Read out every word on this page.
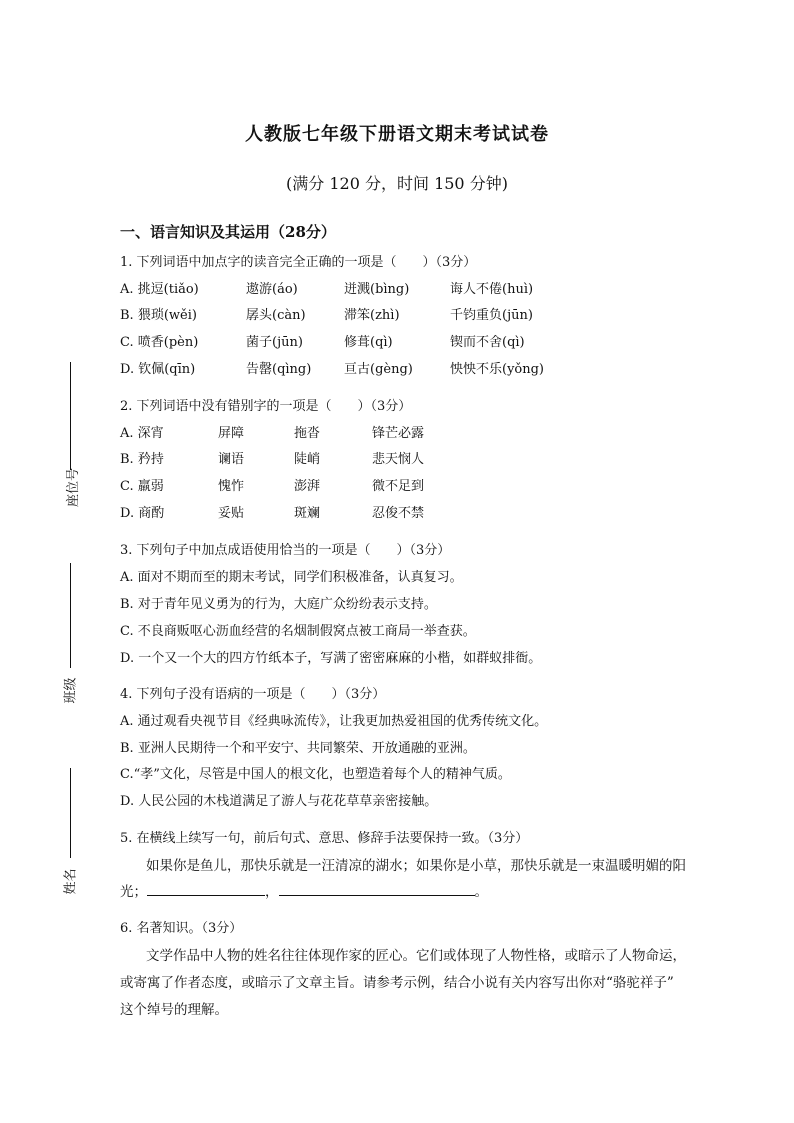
座位号
班级
姓名
人教版七年级下册语文期末考试试卷
(满分 120 分，时间 150 分钟)
一、语言知识及其运用（28分）
1. 下列词语中加点字的读音完全正确的一项是（　　）（3分）
A. 挑逗(tiǎo)	遨游(áo)	迸溅(bìng)	诲人不倦(huì)
B. 猥琐(wěi)	孱头(càn)	滞笨(zhì)	千钧重负(jūn)
C. 喷香(pèn)	菌子(jūn)	修葺(qì)	锲而不舍(qì)
D. 钦佩(qīn)	告罄(qìng)	亘古(gèng)	怏怏不乐(yǒng)
2. 下列词语中没有错别字的一项是（　　）（3分）
A. 深宵	屏障	拖沓	锋芒必露
B. 矜持	谰语	陡峭	悲天悯人
C. 羸弱	愧怍	澎湃	微不足到
D. 商酌	妥贴	斑斓	忍俊不禁
3. 下列句子中加点成语使用恰当的一项是（　　）（3分）
A. 面对不期而至的期末考试，同学们积极准备，认真复习。
B. 对于青年见义勇为的行为，大庭广众纷纷表示支持。
C. 不良商贩呕心沥血经营的名烟制假窝点被工商局一举查获。
D. 一个又一个大的四方竹纸本子，写满了密密麻麻的小楷，如群蚁排衙。
4. 下列句子没有语病的一项是（　　）（3分）
A. 通过观看央视节目《经典咏流传》，让我更加热爱祖国的优秀传统文化。
B. 亚洲人民期待一个和平安宁、共同繁荣、开放通融的亚洲。
C.“孝”文化，尽管是中国人的根文化，也塑造着每个人的精神气质。
D. 人民公园的木栈道满足了游人与花花草草亲密接触。
5. 在横线上续写一句，前后句式、意思、修辞手法要保持一致。（3分）
如果你是鱼儿，那快乐就是一汪清凉的湖水；如果你是小草，那快乐就是一束温暖明媚的阳
光；	，	。
6. 名著知识。（3分）
文学作品中人物的姓名往往体现作家的匠心。它们或体现了人物性格，或暗示了人物命运，
或寄寓了作者态度，或暗示了文章主旨。请参考示例，结合小说有关内容写出你对“骆驼祥子”
这个绰号的理解。
